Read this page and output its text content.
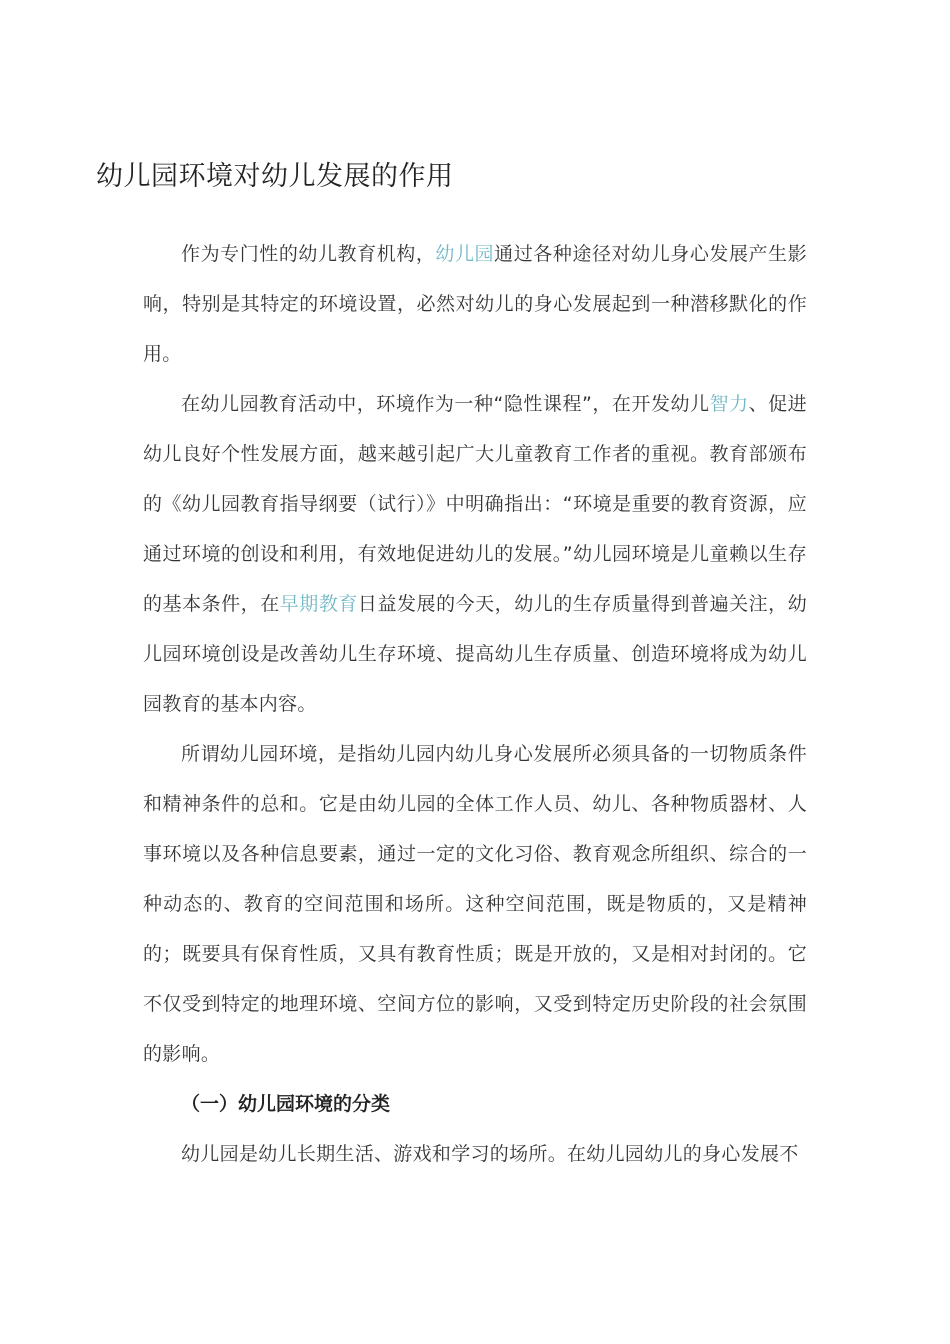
幼儿园环境对幼儿发展的作用

作为专门性的幼儿教育机构，幼儿园通过各种途径对幼儿身心发展产生影响，特别是其特定的环境设置，必然对幼儿的身心发展起到一种潜移默化的作用。

在幼儿园教育活动中，环境作为一种“隐性课程”，在开发幼儿智力、促进幼儿良好个性发展方面，越来越引起广大儿童教育工作者的重视。教育部颁布的《幼儿园教育指导纲要（试行）》中明确指出：“环境是重要的教育资源，应通过环境的创设和利用，有效地促进幼儿的发展。”幼儿园环境是儿童赖以生存的基本条件，在早期教育日益发展的今天，幼儿的生存质量得到普遍关注，幼儿园环境创设是改善幼儿生存环境、提高幼儿生存质量、创造环境将成为幼儿园教育的基本内容。

所谓幼儿园环境，是指幼儿园内幼儿身心发展所必须具备的一切物质条件和精神条件的总和。它是由幼儿园的全体工作人员、幼儿、各种物质器材、人事环境以及各种信息要素，通过一定的文化习俗、教育观念所组织、综合的一种动态的、教育的空间范围和场所。这种空间范围，既是物质的，又是精神的；既要具有保育性质，又具有教育性质；既是开放的，又是相对封闭的。它不仅受到特定的地理环境、空间方位的影响，又受到特定历史阶段的社会氛围的影响。

（一）幼儿园环境的分类

幼儿园是幼儿长期生活、游戏和学习的场所。在幼儿园幼儿的身心发展不
